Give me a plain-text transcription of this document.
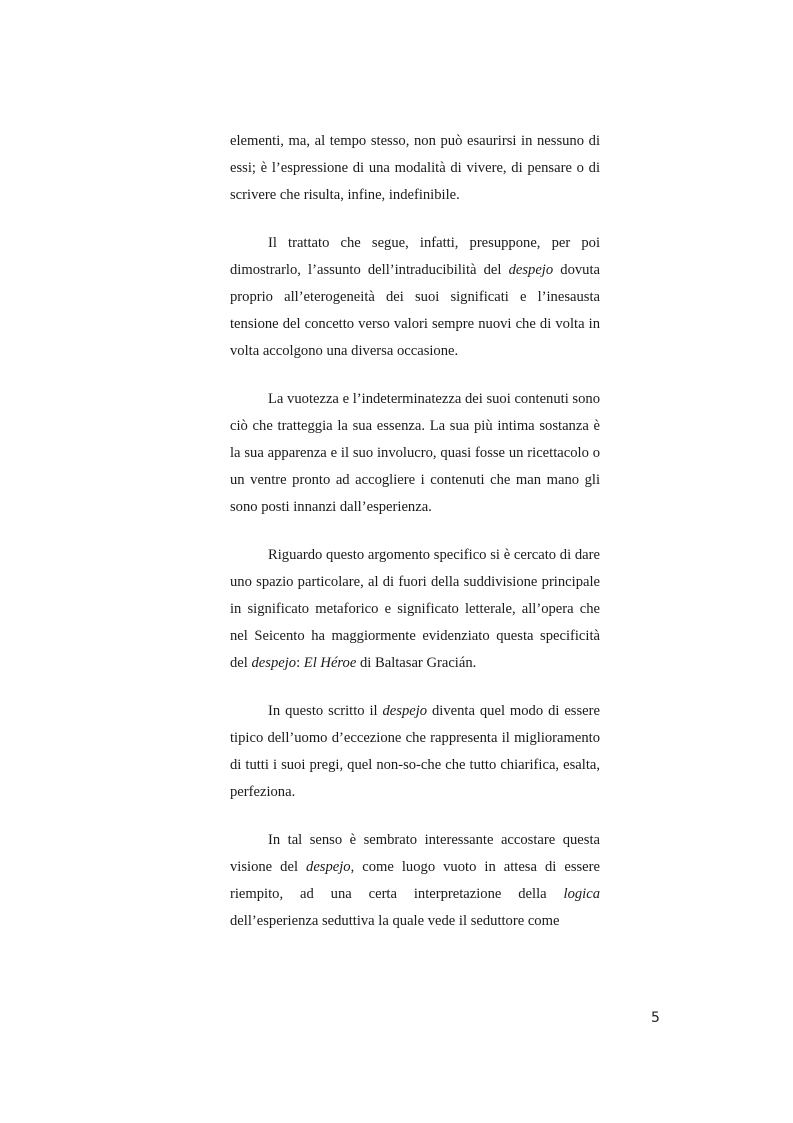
elementi, ma, al tempo stesso, non può esaurirsi in nessuno di essi; è l’espressione di una modalità di vivere, di pensare o di scrivere che risulta, infine, indefinibile.

Il trattato che segue, infatti, presuppone, per poi dimostrarlo, l’assunto dell’intraducibilità del despejo dovuta proprio all’eterogeneità dei suoi significati e l’inesausta tensione del concetto verso valori sempre nuovi che di volta in volta accolgono una diversa occasione.

La vuotezza e l’indeterminatezza dei suoi contenuti sono ciò che tratteggia la sua essenza. La sua più intima sostanza è la sua apparenza e il suo involucro, quasi fosse un ricettacolo o un ventre pronto ad accogliere i contenuti che man mano gli sono posti innanzi dall’esperienza.

Riguardo questo argomento specifico si è cercato di dare uno spazio particolare, al di fuori della suddivisione principale in significato metaforico e significato letterale, all’opera che nel Seicento ha maggiormente evidenziato questa specificità del despejo: El Héroe di Baltasar Gracián.

In questo scritto il despejo diventa quel modo di essere tipico dell’uomo d’eccezione che rappresenta il miglioramento di tutti i suoi pregi, quel non-so-che che tutto chiarifica, esalta, perfeziona.

In tal senso è sembrato interessante accostare questa visione del despejo, come luogo vuoto in attesa di essere riempito, ad una certa interpretazione della logica dell’esperienza seduttiva la quale vede il seduttore come

5
